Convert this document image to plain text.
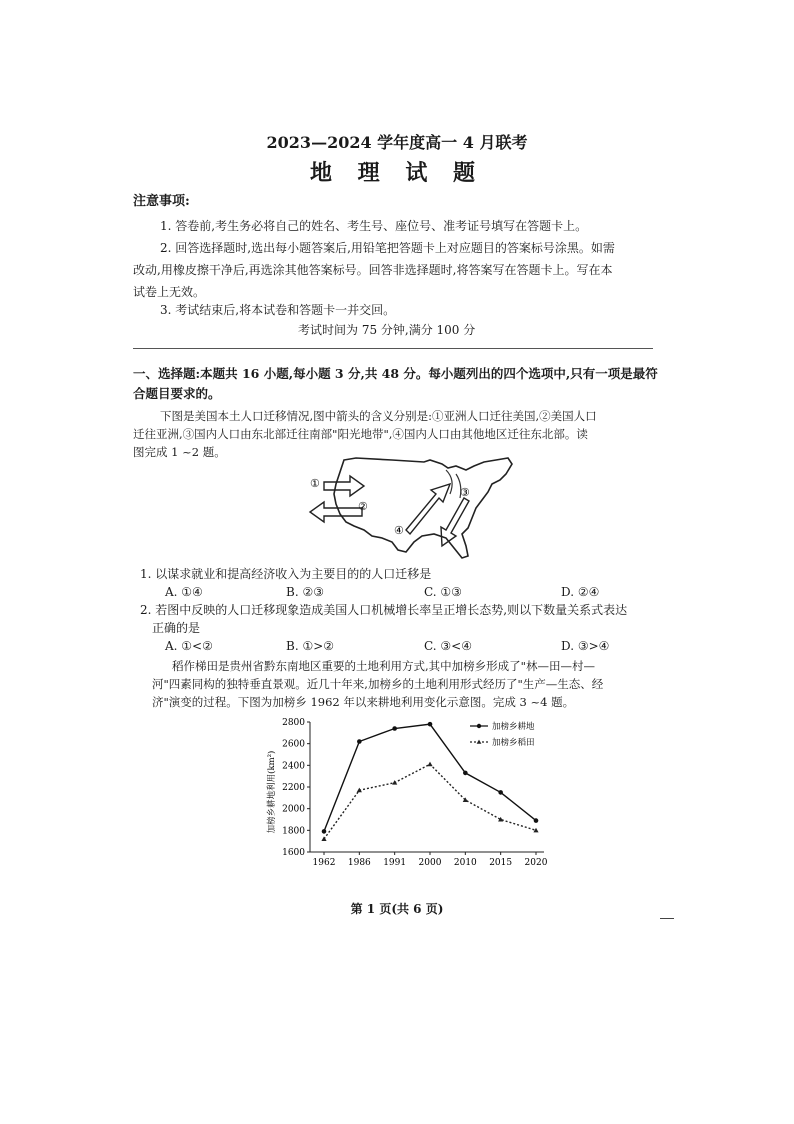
2023—2024 学年度高一 4 月联考
地 理 试 题
注意事项:
1. 答卷前,考生务必将自己的姓名、考生号、座位号、准考证号填写在答题卡上。
2. 回答选择题时,选出每小题答案后,用铅笔把答题卡上对应题目的答案标号涂黑。如需
改动,用橡皮擦干净后,再选涂其他答案标号。回答非选择题时,将答案写在答题卡上。写在本
试卷上无效。
3. 考试结束后,将本试卷和答题卡一并交回。
考试时间为 75 分钟,满分 100 分
一、选择题:本题共 16 小题,每小题 3 分,共 48 分。每小题列出的四个选项中,只有一项是最符
合题目要求的。
下图是美国本土人口迁移情况,图中箭头的含义分别是:①亚洲人口迁往美国,②美国人口
迁往亚洲,③国内人口由东北部迁往南部"阳光地带",④国内人口由其他地区迁往东北部。读
图完成 1 ~2 题。
①
②
③
④
1. 以谋求就业和提高经济收入为主要目的的人口迁移是
A. ①④	B. ②③	C. ①③	D. ②④
2. 若图中反映的人口迁移现象造成美国人口机械增长率呈正增长态势,则以下数量关系式表达
正确的是
A. ①<②	B. ①>②	C. ③<④	D. ③>④
稻作梯田是贵州省黔东南地区重要的土地利用方式,其中加榜乡形成了"林—田—村—
河"四素同构的独特垂直景观。近几十年来,加榜乡的土地利用形式经历了"生产—生态、经
济"演变的过程。下图为加榜乡 1962 年以来耕地利用变化示意图。完成 3 ~4 题。
1600
1800
2000
2200
2400
2600
2800
1962 1986 1991 2000 2010 2015 2020
加榜乡耕地
加榜乡稻田
加榜乡耕地利用(km²)
第 1 页(共 6 页)
